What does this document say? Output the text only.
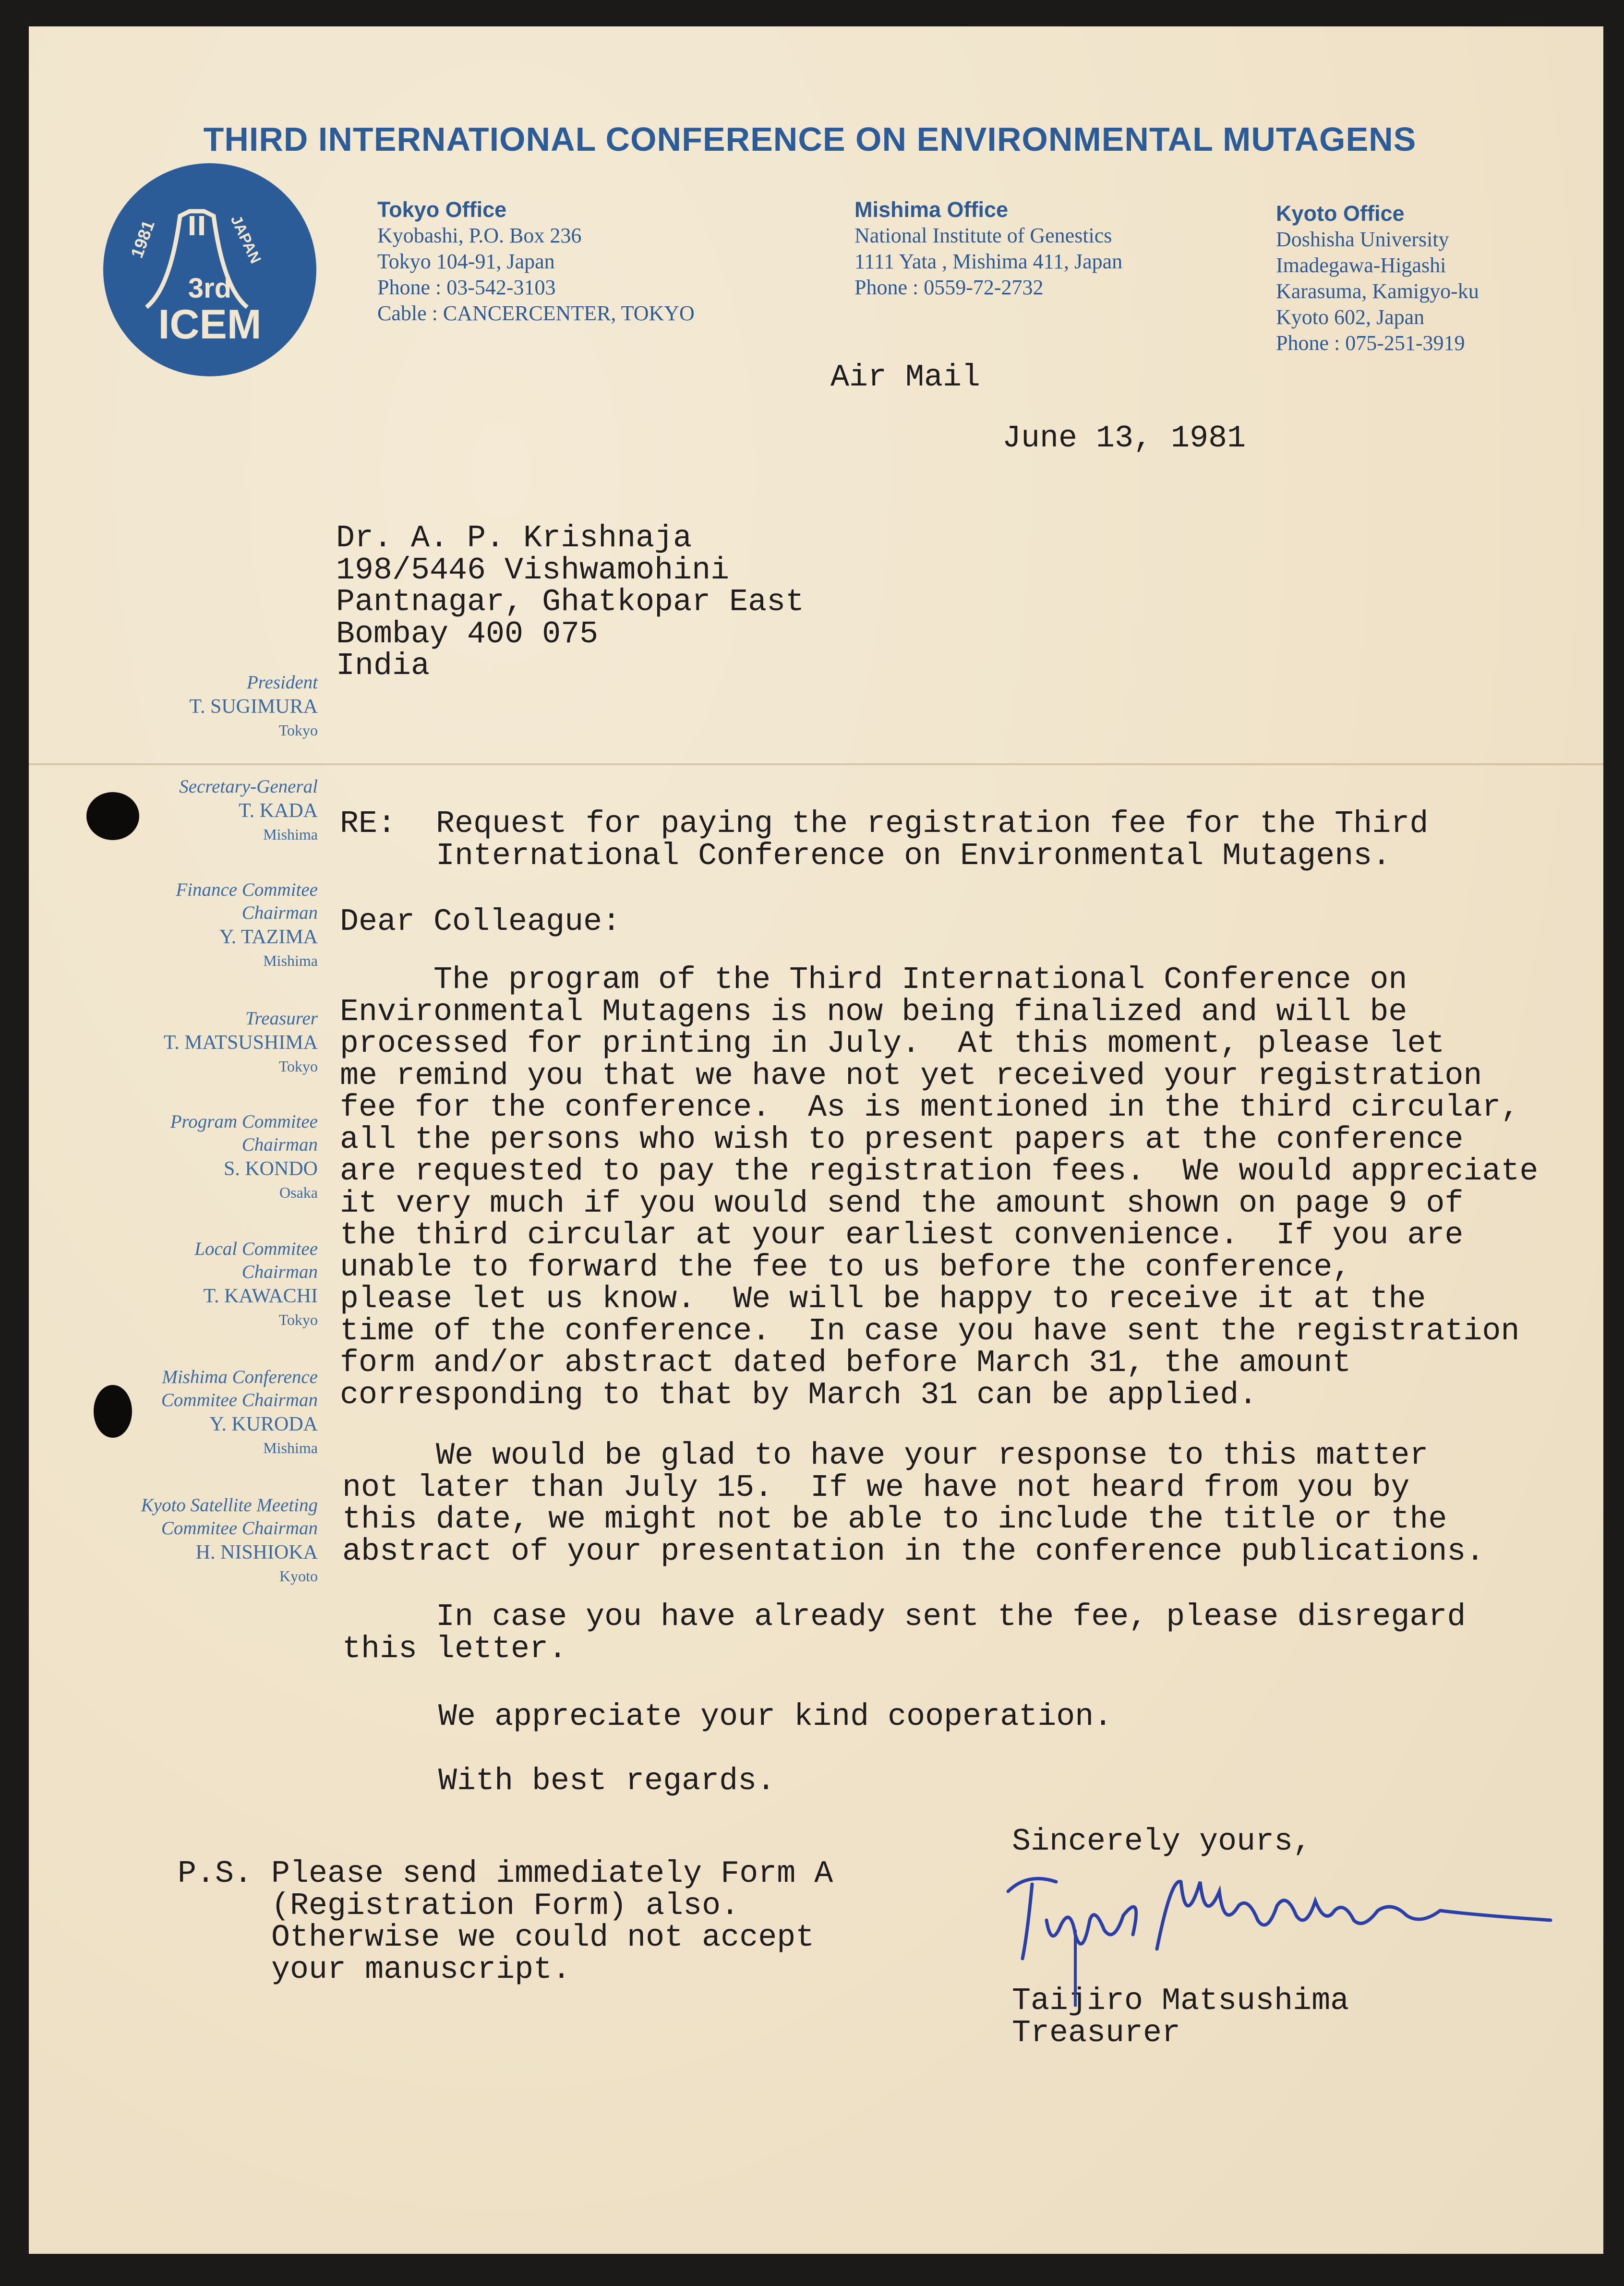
THIRD INTERNATIONAL CONFERENCE ON ENVIRONMENTAL MUTAGENS
1981	JAPAN
3rd
ICEM
Tokyo Office
Kyobashi, P.O. Box 236
Tokyo 104-91, Japan
Phone : 03-542-3103
Cable : CANCERCENTER, TOKYO
Mishima Office
National Institute of Genestics
1111 Yata , Mishima 411, Japan
Phone : 0559-72-2732
Kyoto Office
Doshisha University
Imadegawa-Higashi
Karasuma, Kamigyo-ku
Kyoto 602, Japan
Phone : 075-251-3919
President
T. SUGIMURA
Tokyo
Secretary-General
T. KADA
Mishima
Finance Commitee
Chairman
Y. TAZIMA
Mishima
Treasurer
T. MATSUSHIMA
Tokyo
Program Commitee
Chairman
S. KONDO
Osaka
Local Commitee
Chairman
T. KAWACHI
Tokyo
Mishima Conference
Commitee Chairman
Y. KURODA
Mishima
Kyoto Satellite Meeting
Commitee Chairman
H. NISHIOKA
Kyoto
Air Mail
June 13, 1981
Dr. A. P. Krishnaja
198/5446 Vishwamohini
Pantnagar, Ghatkopar East
Bombay 400 075
India
RE: Request for paying the registration fee for the Third
International Conference on Environmental Mutagens.
Dear Colleague:
The program of the Third International Conference on
Environmental Mutagens is now being finalized and will be
processed for printing in July.  At this moment, please let
me remind you that we have not yet received your registration
fee for the conference.  As is mentioned in the third circular,
all the persons who wish to present papers at the conference
are requested to pay the registration fees.  We would appreciate
it very much if you would send the amount shown on page 9 of
the third circular at your earliest convenience.  If you are
unable to forward the fee to us before the conference,
please let us know.  We will be happy to receive it at the
time of the conference.  In case you have sent the registration
form and/or abstract dated before March 31, the amount
corresponding to that by March 31 can be applied.
We would be glad to have your response to this matter
not later than July 15.  If we have not heard from you by
this date, we might not be able to include the title or the
abstract of your presentation in the conference publications.
In case you have already sent the fee, please disregard
this letter.
We appreciate your kind cooperation.
With best regards.
Sincerely yours,
P.S. Please send immediately Form A
(Registration Form) also.
Otherwise we could not accept
your manuscript.
Taijiro Matsushima
Treasurer
